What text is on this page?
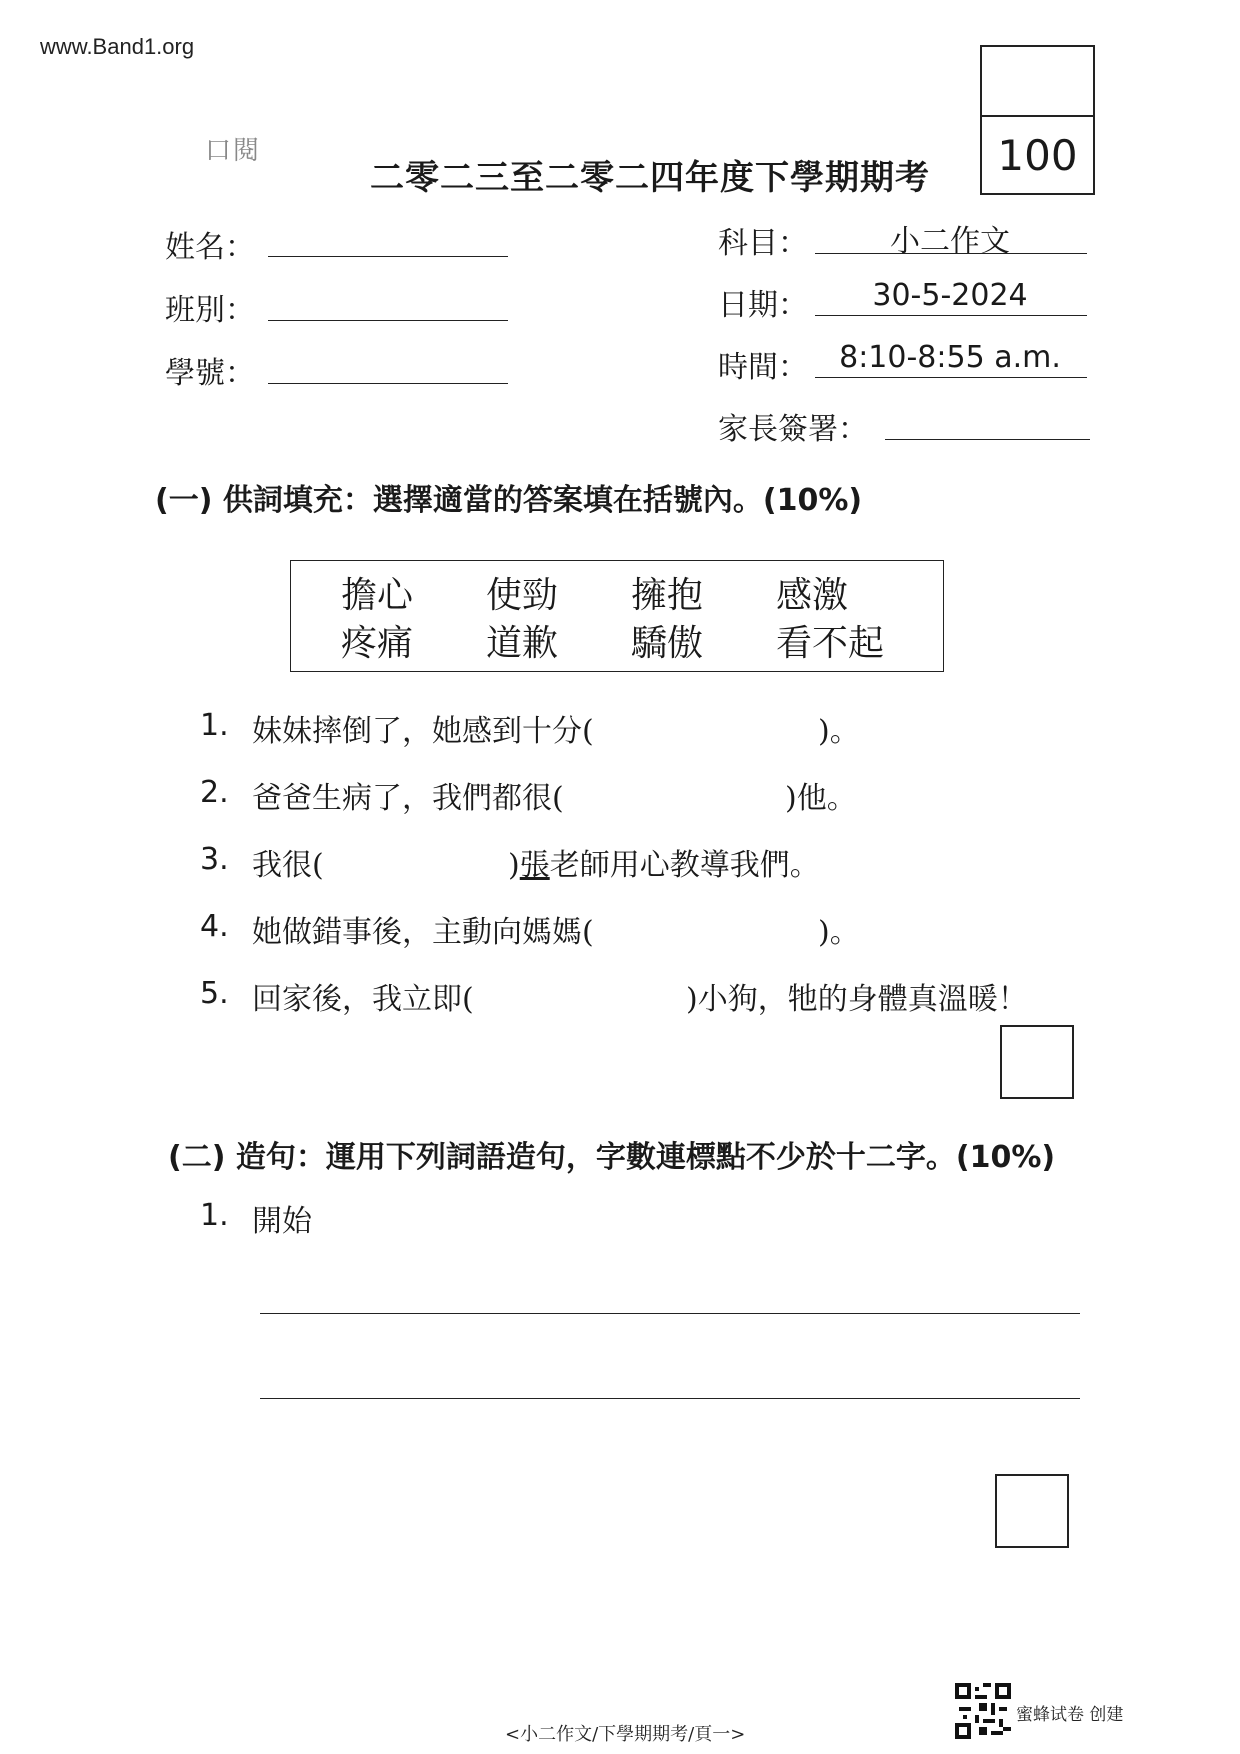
www.Band1.org
口閱	100
二零二三至二零二四年度下學期期考
姓名：
班別：
學號：
科目：	小二作文
日期：	30-5-2024
時間：	8:10-8:55 a.m.
家長簽署：
(一) 供詞填充：選擇適當的答案填在括號內。(10%)
擔心 使勁 擁抱 感激
疼痛 道歉 驕傲 看不起
1. 妹妹摔倒了，她感到十分(	)。
2. 爸爸生病了，我們都很(	)他。
3. 我很(	)張老師用心教導我們。
4. 她做錯事後，主動向媽媽(	)。
5. 回家後，我立即(	)小狗，牠的身體真溫暖！
(二) 造句：運用下列詞語造句，字數連標點不少於十二字。(10%)
1. 開始
<小二作文/下學期期考/頁一>
蜜蜂试卷 创建
